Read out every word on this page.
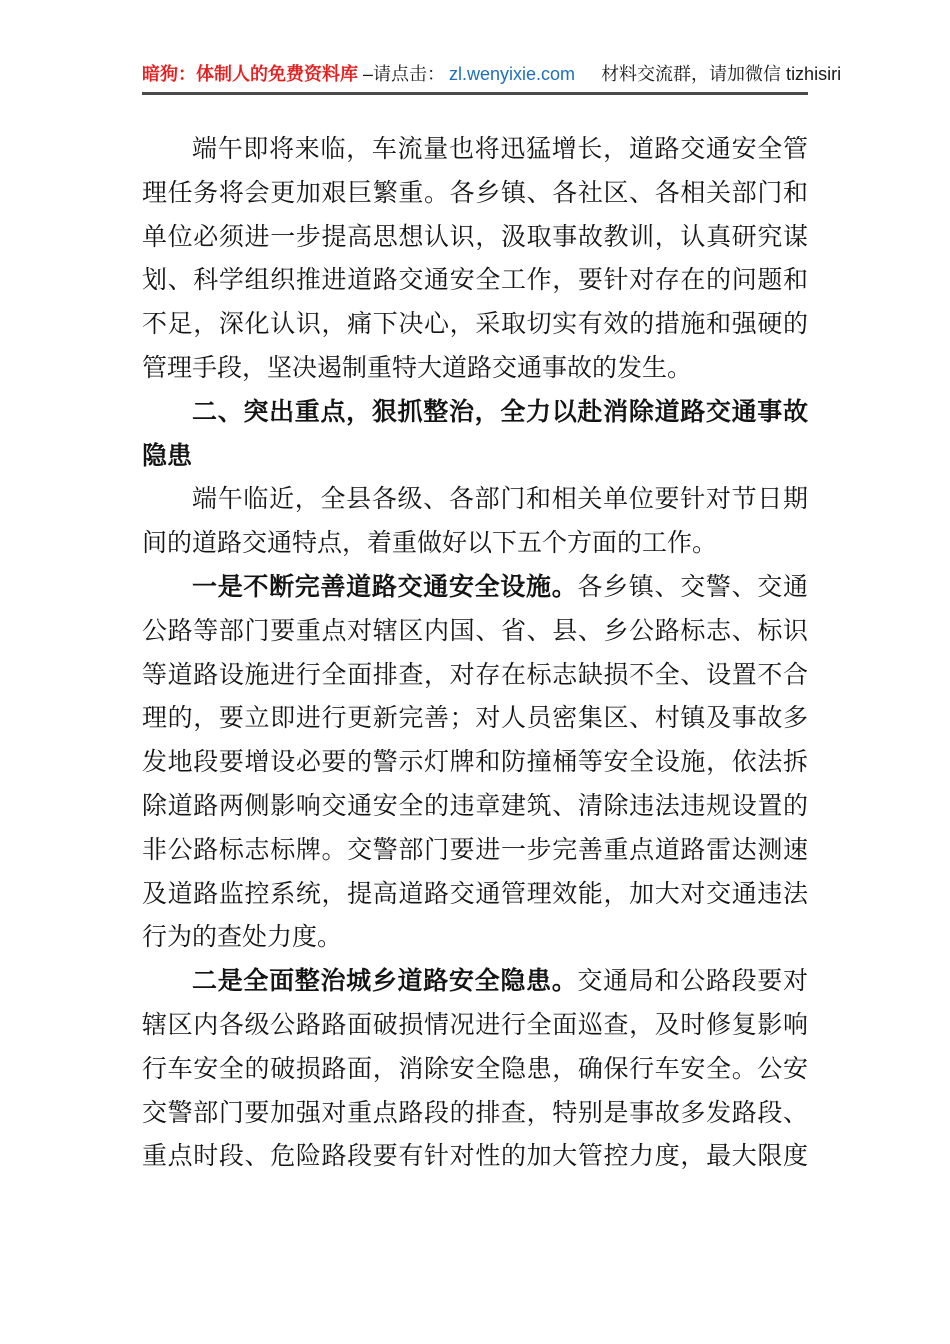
暗狗：体制人的免费资料库 –请点击： zl.wenyixie.com 材料交流群，请加微信 tizhisiri
端午即将来临，车流量也将迅猛增长，道路交通安全管
理任务将会更加艰巨繁重。各乡镇、各社区、各相关部门和
单位必须进一步提高思想认识，汲取事故教训，认真研究谋
划、科学组织推进道路交通安全工作，要针对存在的问题和
不足，深化认识，痛下决心，采取切实有效的措施和强硬的
管理手段，坚决遏制重特大道路交通事故的发生。
二、突出重点，狠抓整治，全力以赴消除道路交通事故
隐患
端午临近，全县各级、各部门和相关单位要针对节日期
间的道路交通特点，着重做好以下五个方面的工作。
一是不断完善道路交通安全设施。各乡镇、交警、交通
公路等部门要重点对辖区内国、省、县、乡公路标志、标识
等道路设施进行全面排查，对存在标志缺损不全、设置不合
理的，要立即进行更新完善；对人员密集区、村镇及事故多
发地段要增设必要的警示灯牌和防撞桶等安全设施，依法拆
除道路两侧影响交通安全的违章建筑、清除违法违规设置的
非公路标志标牌。交警部门要进一步完善重点道路雷达测速
及道路监控系统，提高道路交通管理效能，加大对交通违法
行为的查处力度。
二是全面整治城乡道路安全隐患。交通局和公路段要对
辖区内各级公路路面破损情况进行全面巡查，及时修复影响
行车安全的破损路面，消除安全隐患，确保行车安全。公安
交警部门要加强对重点路段的排查，特别是事故多发路段、
重点时段、危险路段要有针对性的加大管控力度，最大限度
